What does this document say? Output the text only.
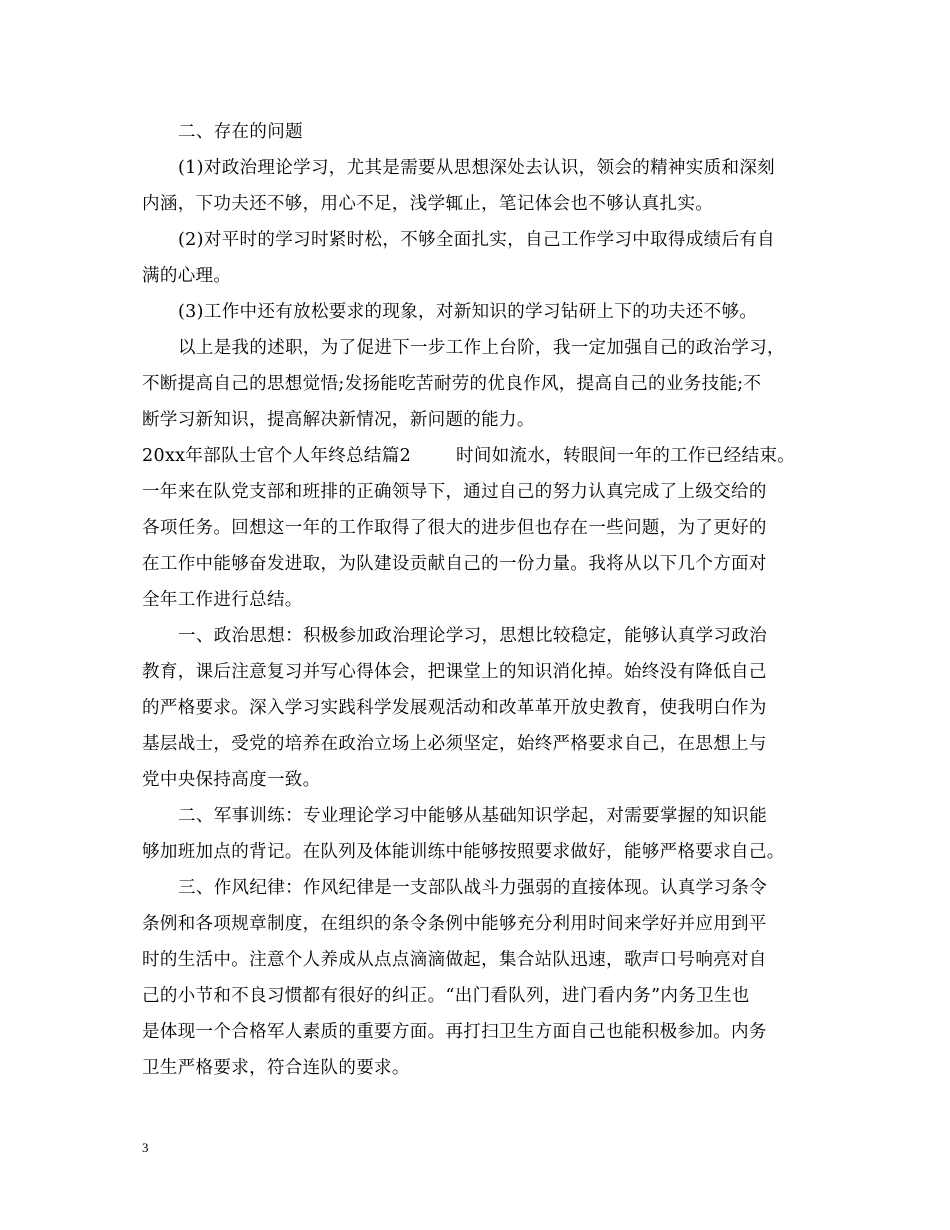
二、存在的问题
(1)对政治理论学习，尤其是需要从思想深处去认识，领会的精神实质和深刻
内涵，下功夫还不够，用心不足，浅学辄止，笔记体会也不够认真扎实。
(2)对平时的学习时紧时松，不够全面扎实，自己工作学习中取得成绩后有自
满的心理。
(3)工作中还有放松要求的现象，对新知识的学习钻研上下的功夫还不够。
以上是我的述职，为了促进下一步工作上台阶，我一定加强自己的政治学习，
不断提高自己的思想觉悟;发扬能吃苦耐劳的优良作风，提高自己的业务技能;不
断学习新知识，提高解决新情况，新问题的能力。
20xx年部队士官个人年终总结篇2	时间如流水，转眼间一年的工作已经结束。
一年来在队党支部和班排的正确领导下，通过自己的努力认真完成了上级交给的
各项任务。回想这一年的工作取得了很大的进步但也存在一些问题，为了更好的
在工作中能够奋发进取，为队建设贡献自己的一份力量。我将从以下几个方面对
全年工作进行总结。
一、政治思想：积极参加政治理论学习，思想比较稳定，能够认真学习政治
教育，课后注意复习并写心得体会，把课堂上的知识消化掉。始终没有降低自己
的严格要求。深入学习实践科学发展观活动和改革革开放史教育，使我明白作为
基层战士，受党的培养在政治立场上必须坚定，始终严格要求自己，在思想上与
党中央保持高度一致。
二、军事训练：专业理论学习中能够从基础知识学起，对需要掌握的知识能
够加班加点的背记。在队列及体能训练中能够按照要求做好，能够严格要求自己。
三、作风纪律：作风纪律是一支部队战斗力强弱的直接体现。认真学习条令
条例和各项规章制度，在组织的条令条例中能够充分利用时间来学好并应用到平
时的生活中。注意个人养成从点点滴滴做起，集合站队迅速，歌声口号响亮对自
己的小节和不良习惯都有很好的纠正。“出门看队列，进门看内务”内务卫生也
是体现一个合格军人素质的重要方面。再打扫卫生方面自己也能积极参加。内务
卫生严格要求，符合连队的要求。
3
